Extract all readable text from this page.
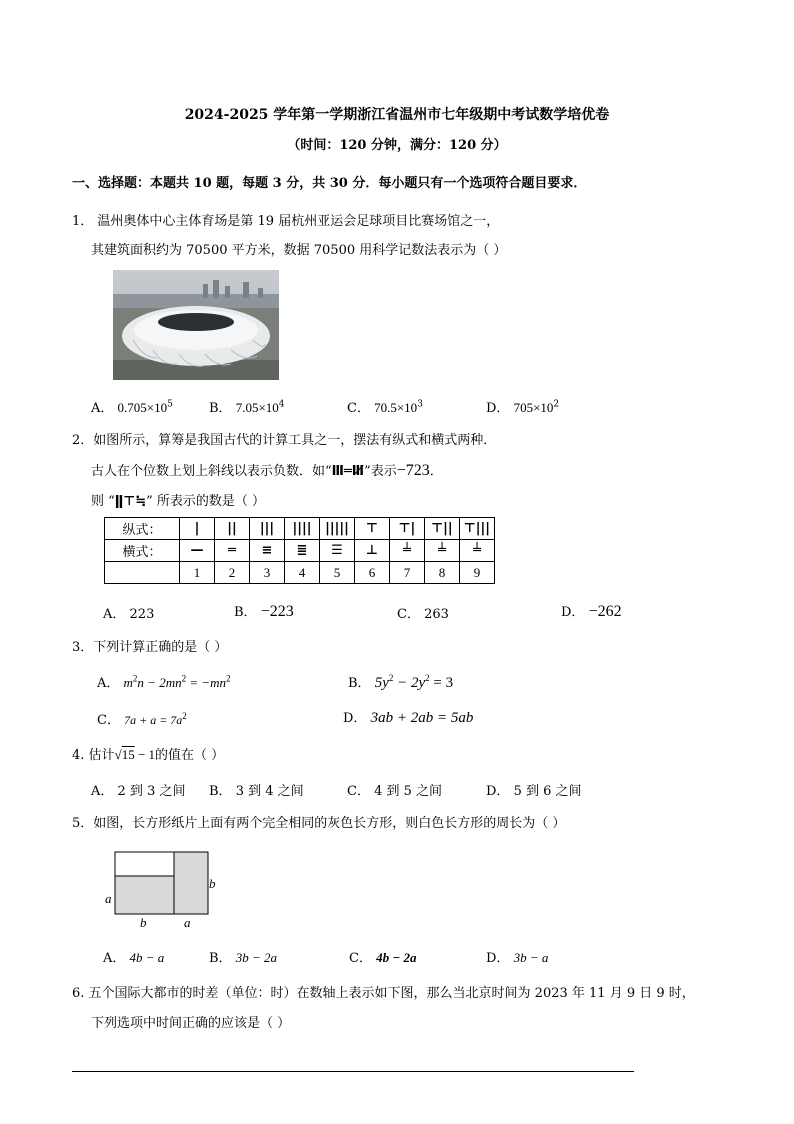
2024-2025 学年第一学期浙江省温州市七年级期中考试数学培优卷
（时间：120 分钟，满分：120 分）
一、选择题：本题共 10 题，每题 3 分，共 30 分．每小题只有一个选项符合题目要求．
1． 温州奥体中心主体育场是第 19 届杭州亚运会足球项目比赛场馆之一，
其建筑面积约为 70500 平方米，数据 70500 用科学记数法表示为（ ）
A． $0.705\times 10^5$	B． $7.05\times 10^4$	C． $70.5\times 10^3$	D． $705\times 10^2$
2．如图所示，算筹是我国古代的计算工具之一，摆法有纵式和横式两种．
古人在个位数上划上斜线以表示负数．如“Ⅲ═Ⅲ̸”表示−723．
则 “ǁ⊤≒” 所表示的数是（ ）
纵式：	|	||	|||	||||	|||||	⊤	⊤|	⊤||	⊤|||
横式：	—	═	≡	≣	☰	⊥	╧	╧	╧
	1	2	3	4	5	6	7	8	9
A． 223	B． −223	C． 263	D． −262
3．下列计算正确的是（ ）
A． $m^2n - 2mn^2 = -mn^2$	B． $5y^2 - 2y^2 = 3$
C． $7a + a = 7a^2$	D． 3ab + 2ab = 5ab
4. 估计√15 − 1的值在（ ）
A． 2 到 3 之间 B． 3 到 4 之间	C． 4 到 5 之间	D． 5 到 6 之间
5．如图，长方形纸片上面有两个完全相同的灰色长方形，则白色长方形的周长为（ ）
a
b	a
b
A． 4b − a	B． 3b − 2a	C． 4b − 2a	D． 3b − a
6. 五个国际大都市的时差（单位：时）在数轴上表示如下图，那么当北京时间为 2023 年 11 月 9 日 9 时，
下列选项中时间正确的应该是（ ）
